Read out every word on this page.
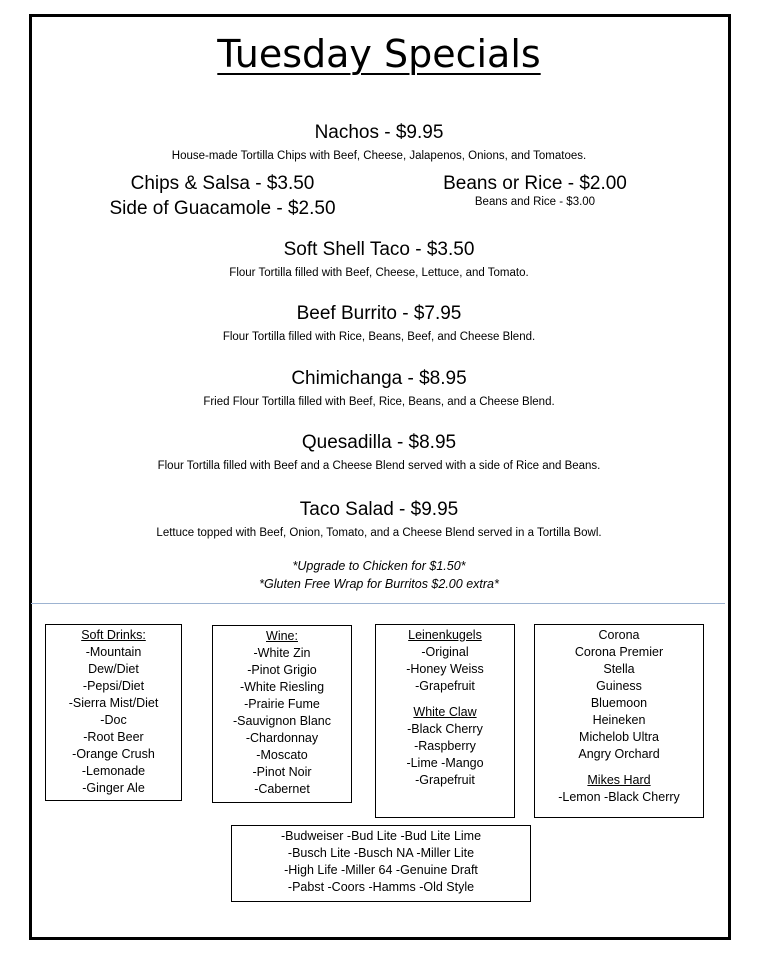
Tuesday Specials
Nachos - $9.95
House-made Tortilla Chips with Beef, Cheese, Jalapenos, Onions, and Tomatoes.
Chips & Salsa - $3.50
Side of Guacamole - $2.50
Beans or Rice - $2.00
Beans and Rice - $3.00
Soft Shell Taco - $3.50
Flour Tortilla filled with Beef, Cheese, Lettuce, and Tomato.
Beef Burrito - $7.95
Flour Tortilla filled with Rice, Beans, Beef, and Cheese Blend.
Chimichanga - $8.95
Fried Flour Tortilla filled with Beef, Rice, Beans, and a Cheese Blend.
Quesadilla - $8.95
Flour Tortilla filled with Beef and a Cheese Blend served with a side of Rice and Beans.
Taco Salad - $9.95
Lettuce topped with Beef, Onion, Tomato, and a Cheese Blend served in a Tortilla Bowl.
*Upgrade to Chicken for $1.50*
*Gluten Free Wrap for Burritos $2.00 extra*
Soft Drinks:
-Mountain
Dew/Diet
-Pepsi/Diet
-Sierra Mist/Diet
-Doc
-Root Beer
-Orange Crush
-Lemonade
-Ginger Ale
Wine:
-White Zin
-Pinot Grigio
-White Riesling
-Prairie Fume
-Sauvignon Blanc
-Chardonnay
-Moscato
-Pinot Noir
-Cabernet
Leinenkugels
-Original
-Honey Weiss
-Grapefruit
White Claw
-Black Cherry
-Raspberry
-Lime -Mango
-Grapefruit
Corona
Corona Premier
Stella
Guiness
Bluemoon
Heineken
Michelob Ultra
Angry Orchard
Mikes Hard
-Lemon -Black Cherry
-Budweiser -Bud Lite -Bud Lite Lime
-Busch Lite -Busch NA -Miller Lite
-High Life -Miller 64 -Genuine Draft
-Pabst -Coors -Hamms -Old Style
